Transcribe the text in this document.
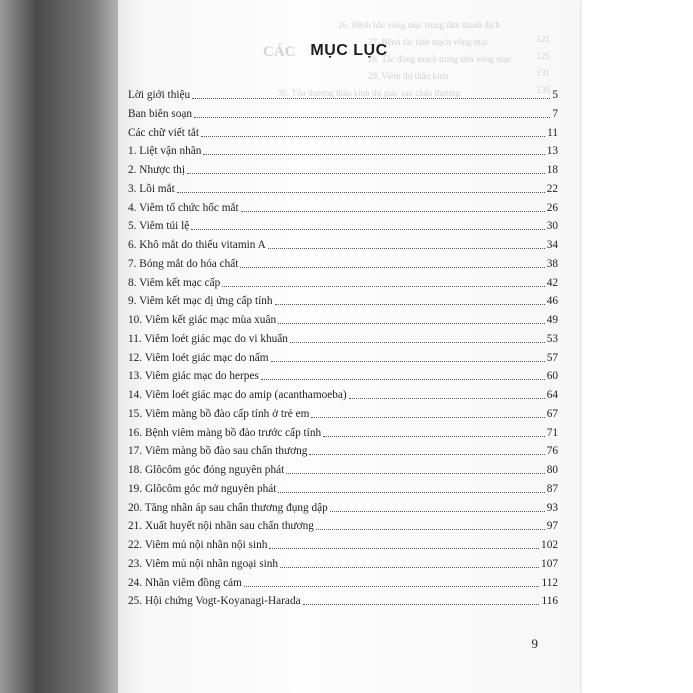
26. Bệnh hắc võng mạc trung tâm thanh dịch
27. Bệnh tắc tĩnh mạch võng mạc
28. Tắc động mạch trung tâm võng mạc
29. Viêm thị thần kinh
30. Tổn thương thần kinh thị giác sau chấn thương
CÁC
121
125
131
135
MỤC LỤC
Lời giới thiệu	5
Ban biên soạn	7
Các chữ viết tắt	11
1. Liệt vận nhãn	13
2. Nhược thị	18
3. Lồi mắt	22
4. Viêm tổ chức hốc mắt	26
5. Viêm túi lệ	30
6. Khô mắt do thiếu vitamin A	34
7. Bỏng mắt do hóa chất	38
8. Viêm kết mạc cấp	42
9. Viêm kết mạc dị ứng cấp tính	46
10. Viêm kết giác mạc mùa xuân	49
11. Viêm loét giác mạc do vi khuẩn	53
12. Viêm loét giác mạc do nấm	57
13. Viêm giác mạc do herpes	60
14. Viêm loét giác mạc do amip (acanthamoeba)	64
15. Viêm màng bồ đào cấp tính ở trẻ em	67
16. Bệnh viêm màng bồ đào trước cấp tính	71
17. Viêm màng bồ đào sau chấn thương	76
18. Glôcôm góc đóng nguyên phát	80
19. Glôcôm góc mở nguyên phát	87
20. Tăng nhãn áp sau chấn thương đụng dập	93
21. Xuất huyết nội nhãn sau chấn thương	97
22. Viêm mủ nội nhãn nội sinh	102
23. Viêm mủ nội nhãn ngoại sinh	107
24. Nhãn viêm đồng cảm	112
25. Hội chứng Vogt-Koyanagi-Harada	116
9
